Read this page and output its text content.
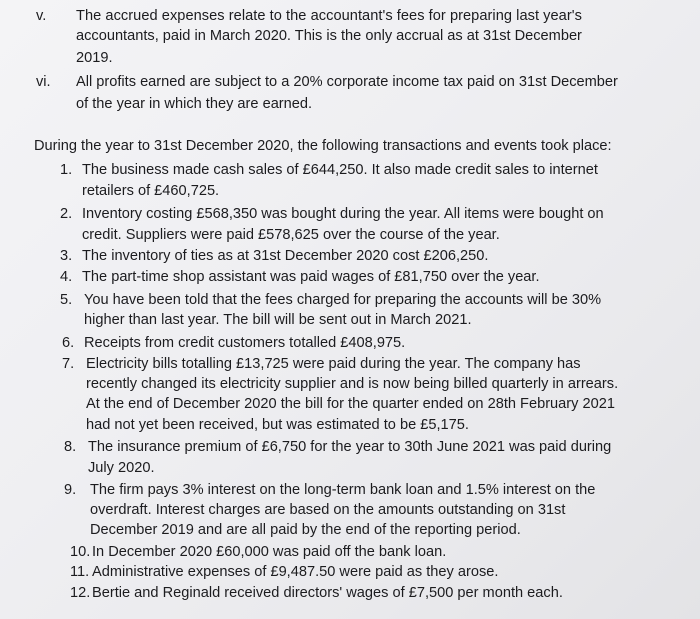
v. The accrued expenses relate to the accountant's fees for preparing last year's
accountants, paid in March 2020. This is the only accrual as at 31st December
2019.
vi. All profits earned are subject to a 20% corporate income tax paid on 31st December
of the year in which they are earned.
During the year to 31st December 2020, the following transactions and events took place:
1. The business made cash sales of £644,250. It also made credit sales to internet
retailers of £460,725.
2. Inventory costing £568,350 was bought during the year. All items were bought on
credit. Suppliers were paid £578,625 over the course of the year.
3. The inventory of ties as at 31st December 2020 cost £206,250.
4. The part-time shop assistant was paid wages of £81,750 over the year.
5. You have been told that the fees charged for preparing the accounts will be 30%
higher than last year. The bill will be sent out in March 2021.
6. Receipts from credit customers totalled £408,975.
7. Electricity bills totalling £13,725 were paid during the year. The company has
recently changed its electricity supplier and is now being billed quarterly in arrears.
At the end of December 2020 the bill for the quarter ended on 28th February 2021
had not yet been received, but was estimated to be £5,175.
8. The insurance premium of £6,750 for the year to 30th June 2021 was paid during
July 2020.
9. The firm pays 3% interest on the long-term bank loan and 1.5% interest on the
overdraft. Interest charges are based on the amounts outstanding on 31st
December 2019 and are all paid by the end of the reporting period.
10. In December 2020 £60,000 was paid off the bank loan.
11. Administrative expenses of £9,487.50 were paid as they arose.
12. Bertie and Reginald received directors' wages of £7,500 per month each.
